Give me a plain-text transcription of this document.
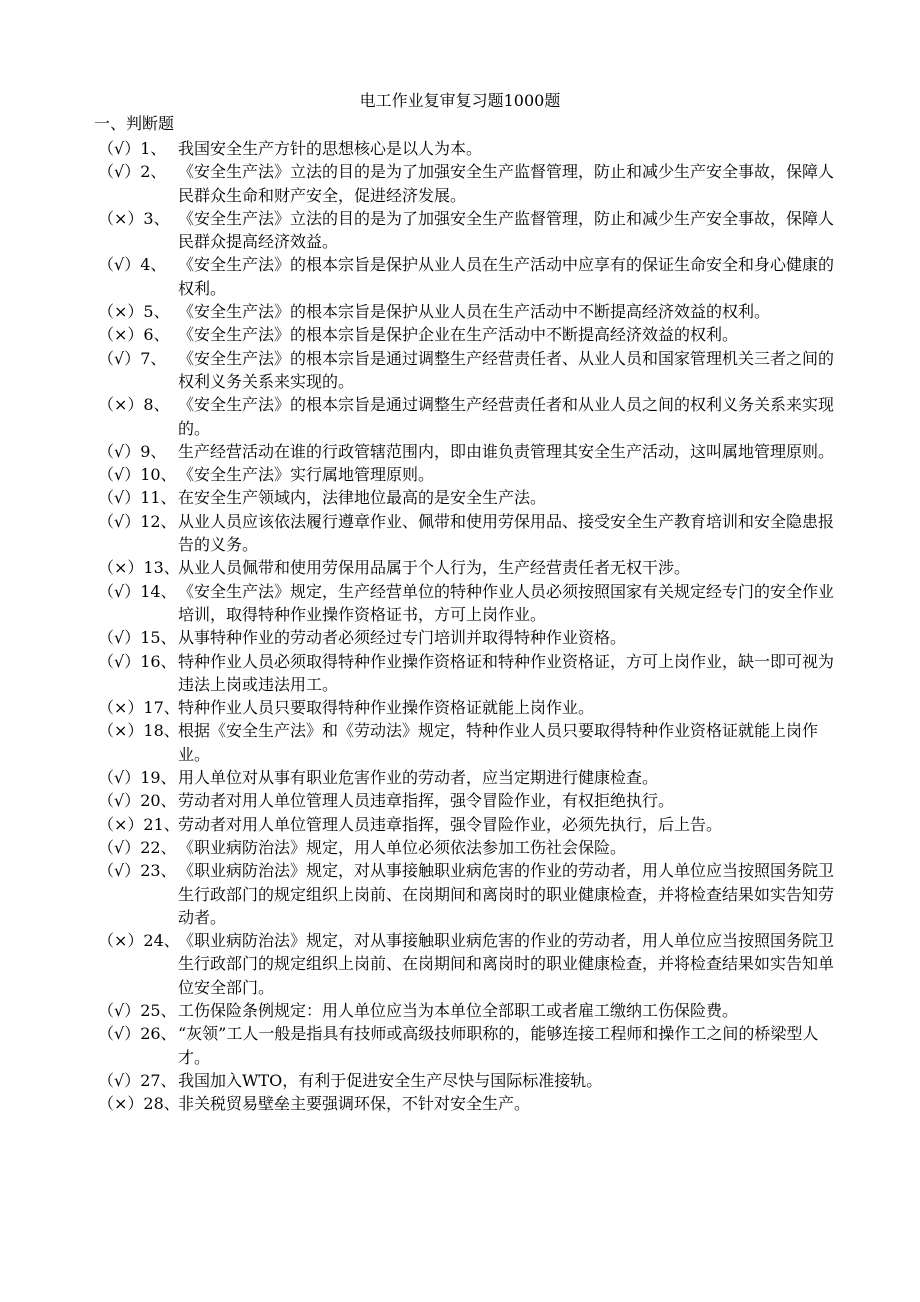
电工作业复审复习题1000题
一、判断题
（√）1、 我国安全生产方针的思想核心是以人为本。
（√）2、 《安全生产法》立法的目的是为了加强安全生产监督管理，防止和减少生产安全事故，保障人民群众生命和财产安全，促进经济发展。
（×）3、 《安全生产法》立法的目的是为了加强安全生产监督管理，防止和减少生产安全事故，保障人民群众提高经济效益。
（√）4、 《安全生产法》的根本宗旨是保护从业人员在生产活动中应享有的保证生命安全和身心健康的权利。
（×）5、 《安全生产法》的根本宗旨是保护从业人员在生产活动中不断提高经济效益的权利。
（×）6、 《安全生产法》的根本宗旨是保护企业在生产活动中不断提高经济效益的权利。
（√）7、 《安全生产法》的根本宗旨是通过调整生产经营责任者、从业人员和国家管理机关三者之间的权利义务关系来实现的。
（×）8、 《安全生产法》的根本宗旨是通过调整生产经营责任者和从业人员之间的权利义务关系来实现的。
（√）9、 生产经营活动在谁的行政管辖范围内，即由谁负责管理其安全生产活动，这叫属地管理原则。
（√）10、 《安全生产法》实行属地管理原则。
（√）11、 在安全生产领域内，法律地位最高的是安全生产法。
（√）12、 从业人员应该依法履行遵章作业、佩带和使用劳保用品、接受安全生产教育培训和安全隐患报告的义务。
（×）13、
从业人员佩带和使用劳保用品属于个人行为，生产经营责任者无权干涉。
（√）14、 《安全生产法》规定，生产经营单位的特种作业人员必须按照国家有关规定经专门的安全作业培训，取得特种作业操作资格证书，方可上岗作业。
（√）15、 从事特种作业的劳动者必须经过专门培训并取得特种作业资格。
（√）16、 特种作业人员必须取得特种作业操作资格证和特种作业资格证，方可上岗作业，缺一即可视为违法上岗或违法用工。
（×）17、
特种作业人员只要取得特种作业操作资格证就能上岗作业。
（×）18、
根据《安全生产法》和《劳动法》规定，特种作业人员只要取得特种作业资格证就能上岗作业。
（√）19、 用人单位对从事有职业危害作业的劳动者，应当定期进行健康检查。
（√）20、 劳动者对用人单位管理人员违章指挥，强令冒险作业，有权拒绝执行。
（×）21、
劳动者对用人单位管理人员违章指挥，强令冒险作业，必须先执行，后上告。
（√）22、 《职业病防治法》规定，用人单位必须依法参加工伤社会保险。
（√）23、 《职业病防治法》规定，对从事接触职业病危害的作业的劳动者，用人单位应当按照国务院卫生行政部门的规定组织上岗前、在岗期间和离岗时的职业健康检查，并将检查结果如实告知劳动者。
（×）24、
《职业病防治法》规定，对从事接触职业病危害的作业的劳动者，用人单位应当按照国务院卫生行政部门的规定组织上岗前、在岗期间和离岗时的职业健康检查，并将检查结果如实告知单位安全部门。
（√）25、 工伤保险条例规定：用人单位应当为本单位全部职工或者雇工缴纳工伤保险费。
（√）26、 “灰领”工人一般是指具有技师或高级技师职称的，能够连接工程师和操作工之间的桥梁型人才。
（√）27、 我国加入WTO，有利于促进安全生产尽快与国际标准接轨。
（×）28、
非关税贸易壁垒主要强调环保，不针对安全生产。
